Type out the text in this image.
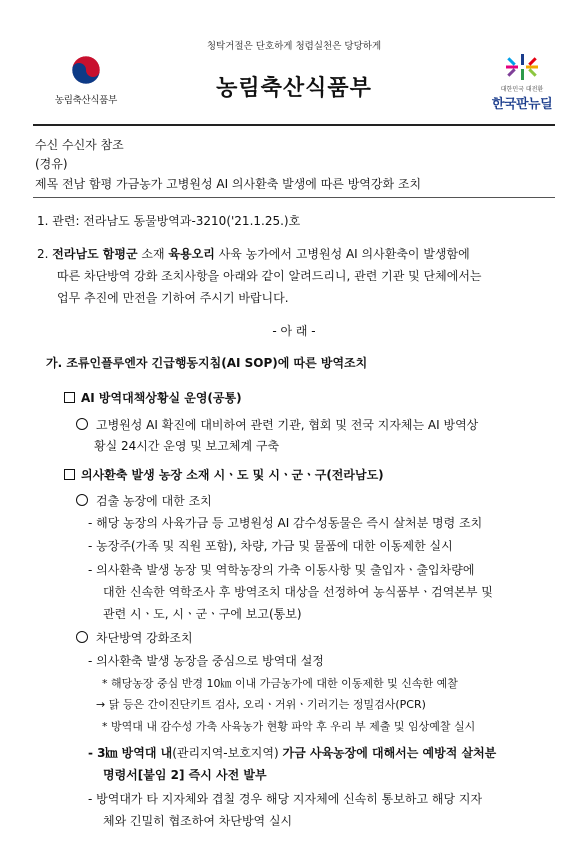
청탁거절은 단호하게 청렴실천은 당당하게
농림축산식품부	농림축산식품부	대한민국 대전환
한국판뉴딜
수신 수신자 참조
(경유)
제목 전남 함평 가금농가 고병원성 AI 의사환축 발생에 따른 방역강화 조치
1. 관련: 전라남도 동물방역과-3210('21.1.25.)호
2. 전라남도 함평군 소재 육용오리 사육 농가에서 고병원성 AI 의사환축이 발생함에
따른 차단방역 강화 조치사항을 아래와 같이 알려드리니, 관련 기관 및 단체에서는
업무 추진에 만전을 기하여 주시기 바랍니다.
- 아 래 -
가. 조류인플루엔자 긴급행동지침(AI SOP)에 따른 방역조치
AI 방역대책상황실 운영(공통)
고병원성 AI 확진에 대비하여 관련 기관, 협회 및 전국 지자체는 AI 방역상
황실 24시간 운영 및 보고체계 구축
의사환축 발생 농장 소재 시ㆍ도 및 시ㆍ군ㆍ구(전라남도)
검출 농장에 대한 조치
- 해당 농장의 사육가금 등 고병원성 AI 감수성동물은 즉시 살처분 명령 조치
- 농장주(가족 및 직원 포함), 차량, 가금 및 물품에 대한 이동제한 실시
- 의사환축 발생 농장 및 역학농장의 가축 이동사항 및 출입자ㆍ출입차량에
대한 신속한 역학조사 후 방역조치 대상을 선정하여 농식품부ㆍ검역본부 및
관련 시ㆍ도, 시ㆍ군ㆍ구에 보고(통보)
차단방역 강화조치
- 의사환축 발생 농장을 중심으로 방역대 설정
* 해당농장 중심 반경 10㎞ 이내 가금농가에 대한 이동제한 및 신속한 예찰
→ 닭 등은 간이진단키트 검사, 오리ㆍ거위ㆍ기러기는 정밀검사(PCR)
* 방역대 내 감수성 가축 사육농가 현황 파악 후 우리 부 제출 및 임상예찰 실시
- 3㎞ 방역대 내(관리지역-보호지역) 가금 사육농장에 대해서는 예방적 살처분
명령서[붙임 2] 즉시 사전 발부
- 방역대가 타 지자체와 겹칠 경우 해당 지자체에 신속히 통보하고 해당 지자
체와 긴밀히 협조하여 차단방역 실시
